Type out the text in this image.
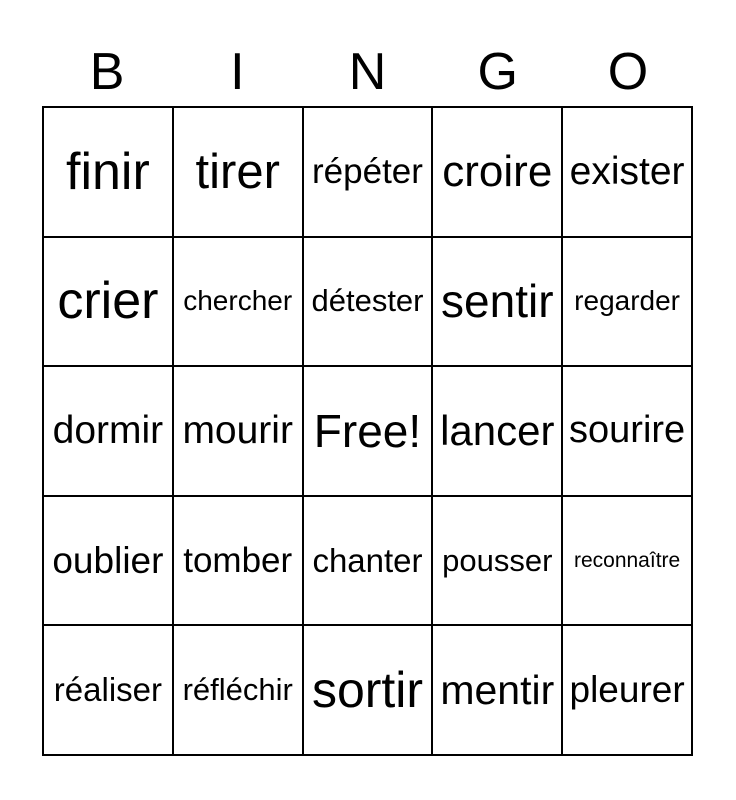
B	I	N	G	O
finir tirer répéter croire exister
crier chercher détester sentir regarder
dormir mourir Free! lancer sourire
oublier tomber chanter pousser	reconnaître
réaliser réfléchir sortir mentir pleurer
